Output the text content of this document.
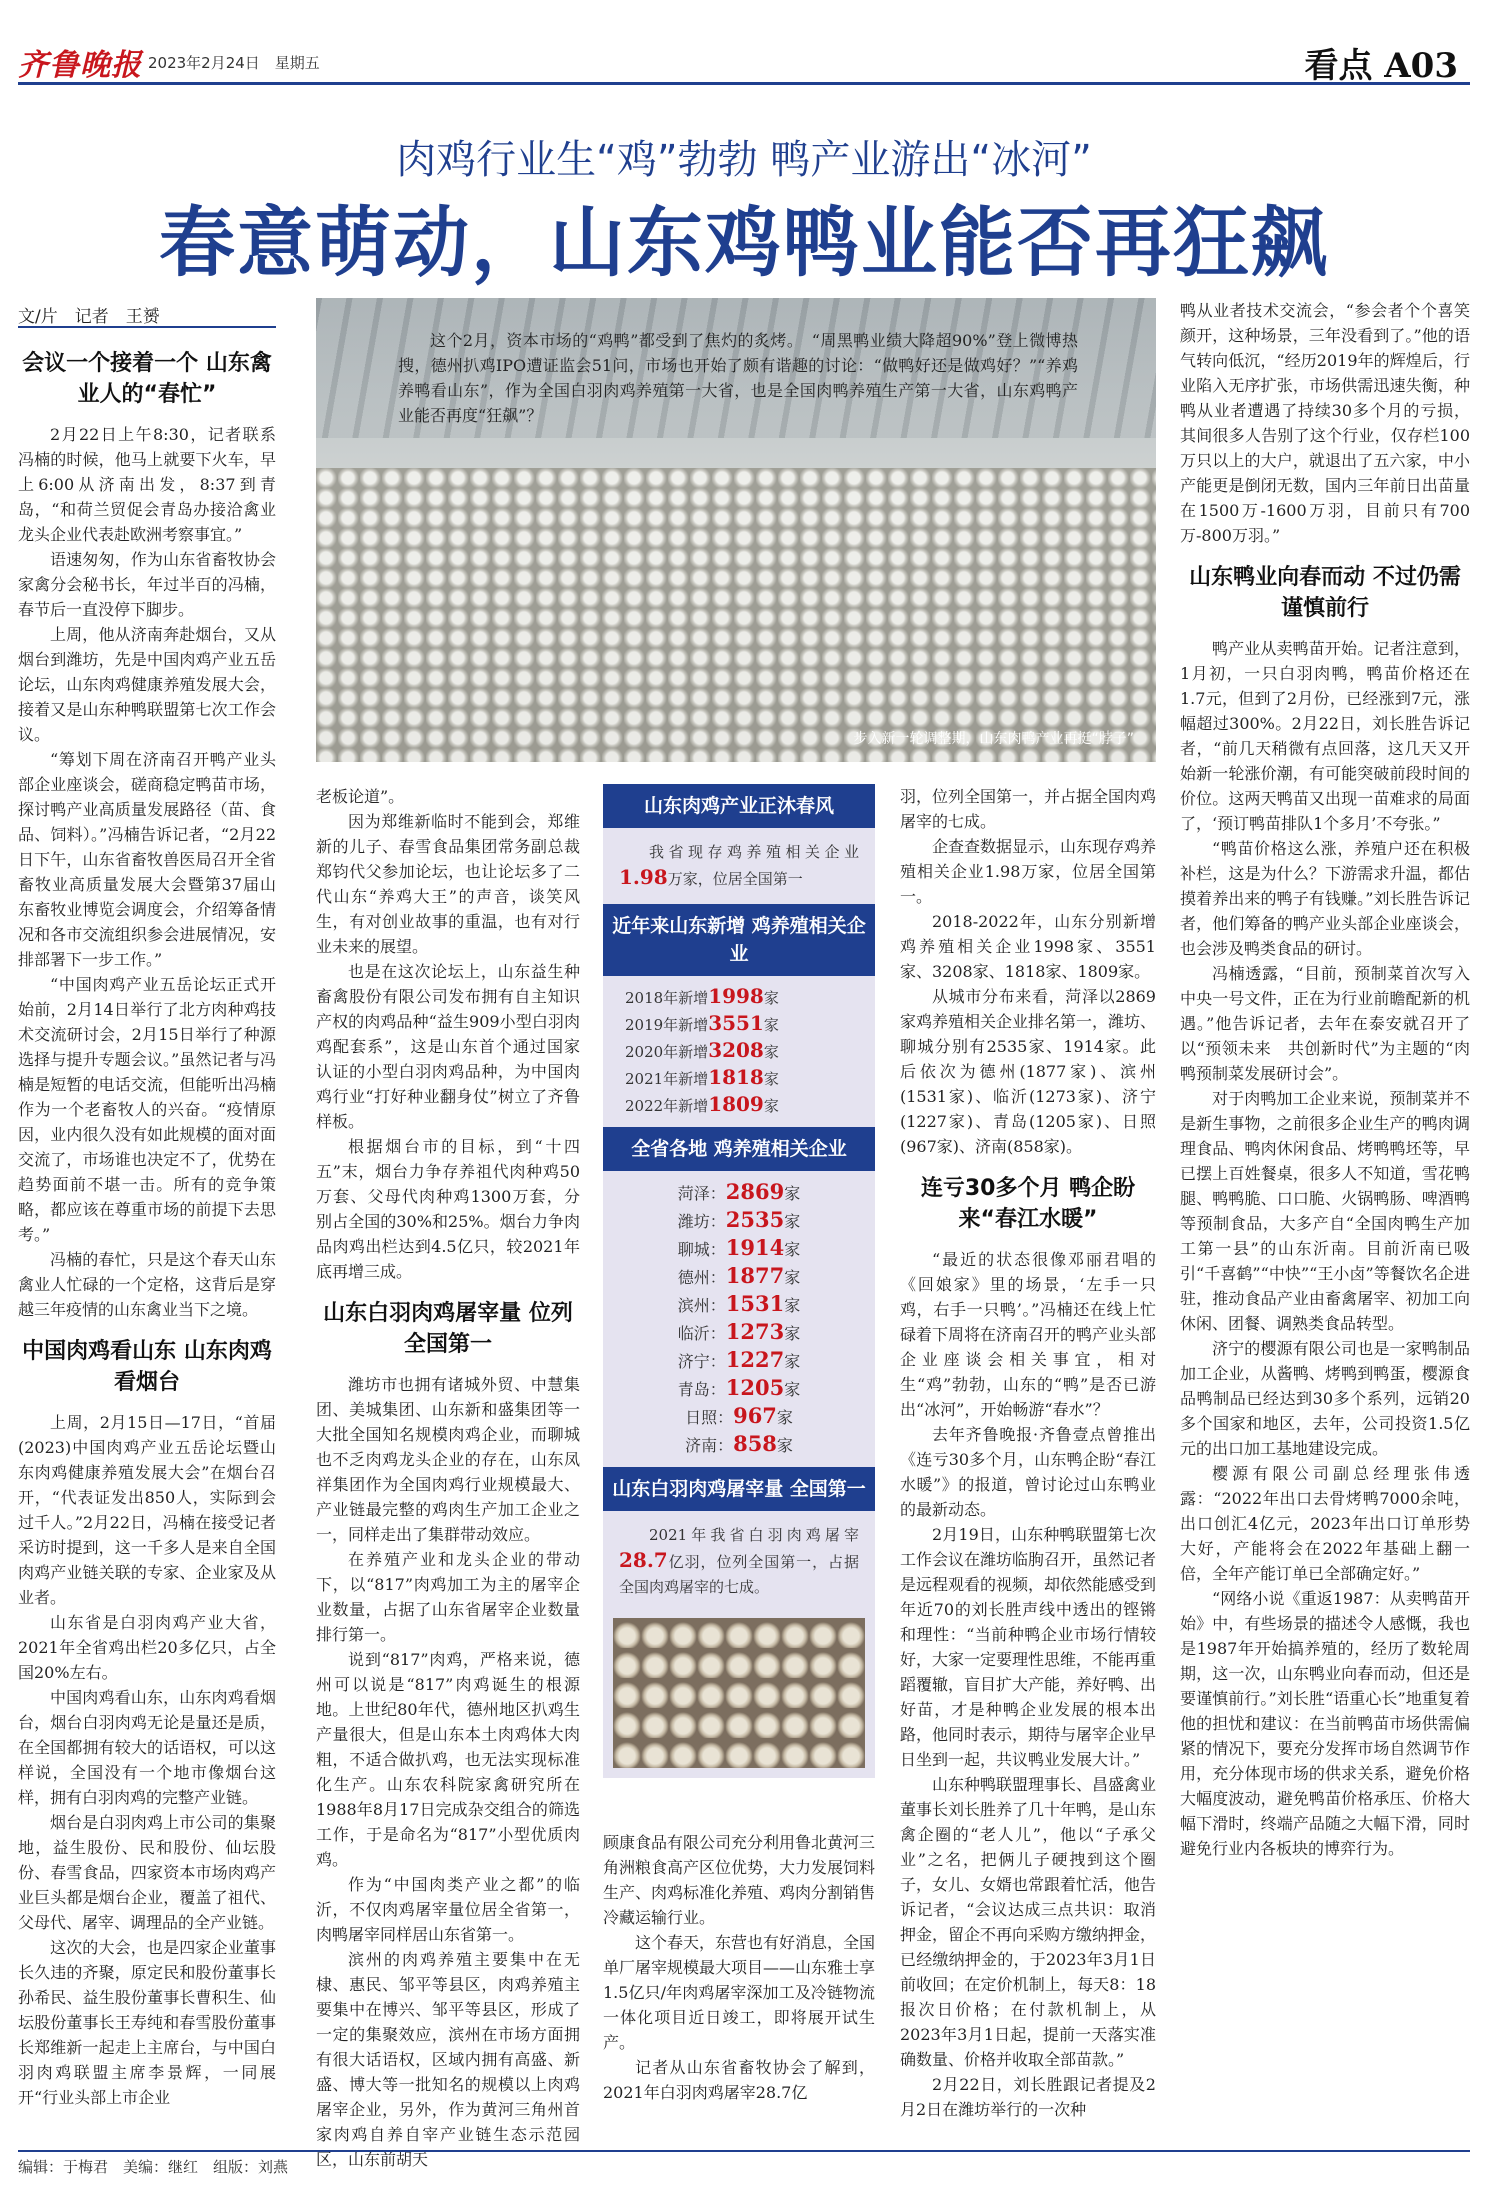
齐鲁晚报 2023年2月24日　星期五	看点 A03
肉鸡行业生“鸡”勃勃 鸭产业游出“冰河”
春意萌动，山东鸡鸭业能否再狂飙
文/片　记者　王赟

这个2月，资本市场的“鸡鸭”都受到了焦灼的炙烤。　“周黑鸭业绩大降超90%”登上微博热搜，德州扒鸡IPO遭证监会51问，市场也开始了颇有谐趣的讨论：“做鸭好还是做鸡好？”“养鸡养鸭看山东”，作为全国白羽肉鸡养殖第一大省，也是全国肉鸭养殖生产第一大省，山东鸡鸭产业能否再度“狂飙”？

步入新一轮调整期，山东肉鸭产业再挺“脖子”
会议一个接着一个 山东禽业人的“春忙”

2月22日上午8:30，记者联系冯楠的时候，他马上就要下火车，早上6:00从济南出发，8:37到青岛，“和荷兰贸促会青岛办接洽禽业龙头企业代表赴欧洲考察事宜。”

语速匆匆，作为山东省畜牧协会家禽分会秘书长，年过半百的冯楠，春节后一直没停下脚步。

上周，他从济南奔赴烟台，又从烟台到潍坊，先是中国肉鸡产业五岳论坛，山东肉鸡健康养殖发展大会，接着又是山东种鸭联盟第七次工作会议。

“筹划下周在济南召开鸭产业头部企业座谈会，磋商稳定鸭苗市场，探讨鸭产业高质量发展路径（苗、食品、饲料）。”冯楠告诉记者，“2月22日下午，山东省畜牧兽医局召开全省畜牧业高质量发展大会暨第37届山东畜牧业博览会调度会，介绍筹备情况和各市交流组织参会进展情况，安排部署下一步工作。”

“中国肉鸡产业五岳论坛正式开始前，2月14日举行了北方肉种鸡技术交流研讨会，2月15日举行了种源选择与提升专题会议。”虽然记者与冯楠是短暂的电话交流，但能听出冯楠作为一个老畜牧人的兴奋。“疫情原因，业内很久没有如此规模的面对面交流了，市场谁也决定不了，优势在趋势面前不堪一击。所有的竞争策略，都应该在尊重市场的前提下去思考。”

冯楠的春忙，只是这个春天山东禽业人忙碌的一个定格，这背后是穿越三年疫情的山东禽业当下之境。

中国肉鸡看山东 山东肉鸡看烟台

上周，2月15日—17日，“首届(2023)中国肉鸡产业五岳论坛暨山东肉鸡健康养殖发展大会”在烟台召开，“代表证发出850人，实际到会过千人。”2月22日，冯楠在接受记者采访时提到，这一千多人是来自全国肉鸡产业链关联的专家、企业家及从业者。

山东省是白羽肉鸡产业大省，2021年全省鸡出栏20多亿只，占全国20%左右。

中国肉鸡看山东，山东肉鸡看烟台，烟台白羽肉鸡无论是量还是质，在全国都拥有较大的话语权，可以这样说，全国没有一个地市像烟台这样，拥有白羽肉鸡的完整产业链。

烟台是白羽肉鸡上市公司的集聚地，益生股份、民和股份、仙坛股份、春雪食品，四家资本市场肉鸡产业巨头都是烟台企业，覆盖了祖代、父母代、屠宰、调理品的全产业链。

这次的大会，也是四家企业董事长久违的齐聚，原定民和股份董事长孙希民、益生股份董事长曹积生、仙坛股份董事长王寿纯和春雪股份董事长郑维新一起走上主席台，与中国白羽肉鸡联盟主席李景辉，一同展开“行业头部上市企业

老板论道”。

因为郑维新临时不能到会，郑维新的儿子、春雪食品集团常务副总裁郑钧代父参加论坛，也让论坛多了二代山东“养鸡大王”的声音，谈笑风生，有对创业故事的重温，也有对行业未来的展望。

也是在这次论坛上，山东益生种畜禽股份有限公司发布拥有自主知识产权的肉鸡品种“益生909小型白羽肉鸡配套系”，这是山东首个通过国家认证的小型白羽肉鸡品种，为中国肉鸡行业“打好种业翻身仗”树立了齐鲁样板。

根据烟台市的目标，到“十四五”末，烟台力争存养祖代肉种鸡50万套、父母代肉种鸡1300万套，分别占全国的30%和25%。烟台力争肉品肉鸡出栏达到4.5亿只，较2021年底再增三成。

山东白羽肉鸡屠宰量 位列全国第一

潍坊市也拥有诸城外贸、中慧集团、美城集团、山东新和盛集团等一大批全国知名规模肉鸡企业，而聊城也不乏肉鸡龙头企业的存在，山东凤祥集团作为全国肉鸡行业规模最大、产业链最完整的鸡肉生产加工企业之一，同样走出了集群带动效应。

在养殖产业和龙头企业的带动下，以“817”肉鸡加工为主的屠宰企业数量，占据了山东省屠宰企业数量排行第一。

说到“817”肉鸡，严格来说，德州可以说是“817”肉鸡诞生的根源地。上世纪80年代，德州地区扒鸡生产量很大，但是山东本土肉鸡体大肉粗，不适合做扒鸡，也无法实现标准化生产。山东农科院家禽研究所在1988年8月17日完成杂交组合的筛选工作，于是命名为“817”小型优质肉鸡。

作为“中国肉类产业之都”的临沂，不仅肉鸡屠宰量位居全省第一，肉鸭屠宰同样居山东省第一。

滨州的肉鸡养殖主要集中在无棣、惠民、邹平等县区，肉鸡养殖主要集中在博兴、邹平等县区，形成了一定的集聚效应，滨州在市场方面拥有很大话语权，区域内拥有高盛、新盛、博大等一批知名的规模以上肉鸡屠宰企业，另外，作为黄河三角州首家肉鸡自养自宰产业链生态示范园区，山东前胡天

山东肉鸡产业正沐春风

我省现存鸡养殖相关企业1.98万家，位居全国第一

近年来山东新增 鸡养殖相关企业
2018年新增1998家
2019年新增3551家
2020年新增3208家
2021年新增1818家
2022年新增1809家
全省各地 鸡养殖相关企业
菏泽：2869家
潍坊：2535家
聊城：1914家
德州：1877家
滨州：1531家
临沂：1273家
济宁：1227家
青岛：1205家
日照：967家
济南：858家
山东白羽肉鸡屠宰量 全国第一

2021年我省白羽肉鸡屠宰28.7亿羽，位列全国第一，占据全国肉鸡屠宰的七成。

顾康食品有限公司充分利用鲁北黄河三角洲粮食高产区位优势，大力发展饲料生产、肉鸡标准化养殖、鸡肉分割销售冷藏运输行业。

这个春天，东营也有好消息，全国单厂屠宰规模最大项目——山东雅士享1.5亿只/年肉鸡屠宰深加工及冷链物流一体化项目近日竣工，即将展开试生产。

记者从山东省畜牧协会了解到，2021年白羽肉鸡屠宰28.7亿

羽，位列全国第一，并占据全国肉鸡屠宰的七成。

企查查数据显示，山东现存鸡养殖相关企业1.98万家，位居全国第一。

2018-2022年，山东分别新增鸡养殖相关企业1998家、3551家、3208家、1818家、1809家。

从城市分布来看，菏泽以2869家鸡养殖相关企业排名第一，潍坊、聊城分别有2535家、1914家。此后依次为德州(1877家)、滨州(1531家)、临沂(1273家)、济宁(1227家)、青岛(1205家)、日照(967家)、济南(858家)。

连亏30多个月 鸭企盼来“春江水暖”

“最近的状态很像邓丽君唱的《回娘家》里的场景，‘左手一只鸡，右手一只鸭’。”冯楠还在线上忙碌着下周将在济南召开的鸭产业头部企业座谈会相关事宜，相对生“鸡”勃勃，山东的“鸭”是否已游出“冰河”，开始畅游“春水”？

去年齐鲁晚报·齐鲁壹点曾推出《连亏30多个月，山东鸭企盼“春江水暖”》的报道，曾讨论过山东鸭业的最新动态。

2月19日，山东种鸭联盟第七次工作会议在潍坊临朐召开，虽然记者是远程观看的视频，却依然能感受到年近70的刘长胜声线中透出的铿锵和理性：“当前种鸭企业市场行情较好，大家一定要理性思维，不能再重蹈覆辙，盲目扩大产能，养好鸭、出好苗，才是种鸭企业发展的根本出路，他同时表示，期待与屠宰企业早日坐到一起，共议鸭业发展大计。”

山东种鸭联盟理事长、昌盛禽业董事长刘长胜养了几十年鸭，是山东禽企圈的“老人儿”，他以“子承父业”之名，把俩儿子硬拽到这个圈子，女儿、女婿也常跟着忙活，他告诉记者，“会议达成三点共识：取消押金，留企不再向采购方缴纳押金，已经缴纳押金的，于2023年3月1日前收回；在定价机制上，每天8：18报次日价格；在付款机制上，从2023年3月1日起，提前一天落实准确数量、价格并收取全部苗款。”

2月22日，刘长胜跟记者提及2月2日在潍坊举行的一次种

鸭从业者技术交流会，“参会者个个喜笑颜开，这种场景，三年没看到了。”他的语气转向低沉，“经历2019年的辉煌后，行业陷入无序扩张，市场供需迅速失衡，种鸭从业者遭遇了持续30多个月的亏损，其间很多人告别了这个行业，仅存栏100万只以上的大户，就退出了五六家，中小产能更是倒闭无数，国内三年前日出苗量在1500万-1600万羽，目前只有700万-800万羽。”

山东鸭业向春而动 不过仍需谨慎前行

鸭产业从卖鸭苗开始。记者注意到，1月初，一只白羽肉鸭，鸭苗价格还在1.7元，但到了2月份，已经涨到7元，涨幅超过300%。2月22日，刘长胜告诉记者，“前几天稍微有点回落，这几天又开始新一轮涨价潮，有可能突破前段时间的价位。这两天鸭苗又出现一苗难求的局面了，‘预订鸭苗排队1个多月’不夸张。”

“鸭苗价格这么涨，养殖户还在积极补栏，这是为什么？下游需求升温，都估摸着养出来的鸭子有钱赚。”刘长胜告诉记者，他们筹备的鸭产业头部企业座谈会，也会涉及鸭类食品的研讨。

冯楠透露，“目前，预制菜首次写入中央一号文件，正在为行业前瞻配新的机遇。”他告诉记者，去年在泰安就召开了以“预领未来　共创新时代”为主题的“肉鸭预制菜发展研讨会”。

对于肉鸭加工企业来说，预制菜并不是新生事物，之前很多企业生产的鸭肉调理食品、鸭肉休闲食品、烤鸭鸭坯等，早已摆上百姓餐桌，很多人不知道，雪花鸭腿、鸭鸭脆、口口脆、火锅鸭肠、啤酒鸭等预制食品，大多产自“全国肉鸭生产加工第一县”的山东沂南。目前沂南已吸引“千喜鹤”“中快”“王小卤”等餐饮名企进驻，推动食品产业由畜禽屠宰、初加工向休闲、团餐、调熟类食品转型。

济宁的樱源有限公司也是一家鸭制品加工企业，从酱鸭、烤鸭到鸭蛋，樱源食品鸭制品已经达到30多个系列，远销20多个国家和地区，去年，公司投资1.5亿元的出口加工基地建设完成。

樱源有限公司副总经理张伟透露：“2022年出口去骨烤鸭7000余吨，出口创汇4亿元，2023年出口订单形势大好，产能将会在2022年基础上翻一倍，全年产能订单已全部确定好。”

“网络小说《重返1987：从卖鸭苗开始》中，有些场景的描述令人感慨，我也是1987年开始搞养殖的，经历了数轮周期，这一次，山东鸭业向春而动，但还是要谨慎前行。”刘长胜“语重心长”地重复着他的担忧和建议：在当前鸭苗市场供需偏紧的情况下，要充分发挥市场自然调节作用，充分体现市场的供求关系，避免价格大幅度波动，避免鸭苗价格承压、价格大幅下滑时，终端产品随之大幅下滑，同时避免行业内各板块的博弈行为。

编辑：于梅君　美编：继红　组版：刘燕
